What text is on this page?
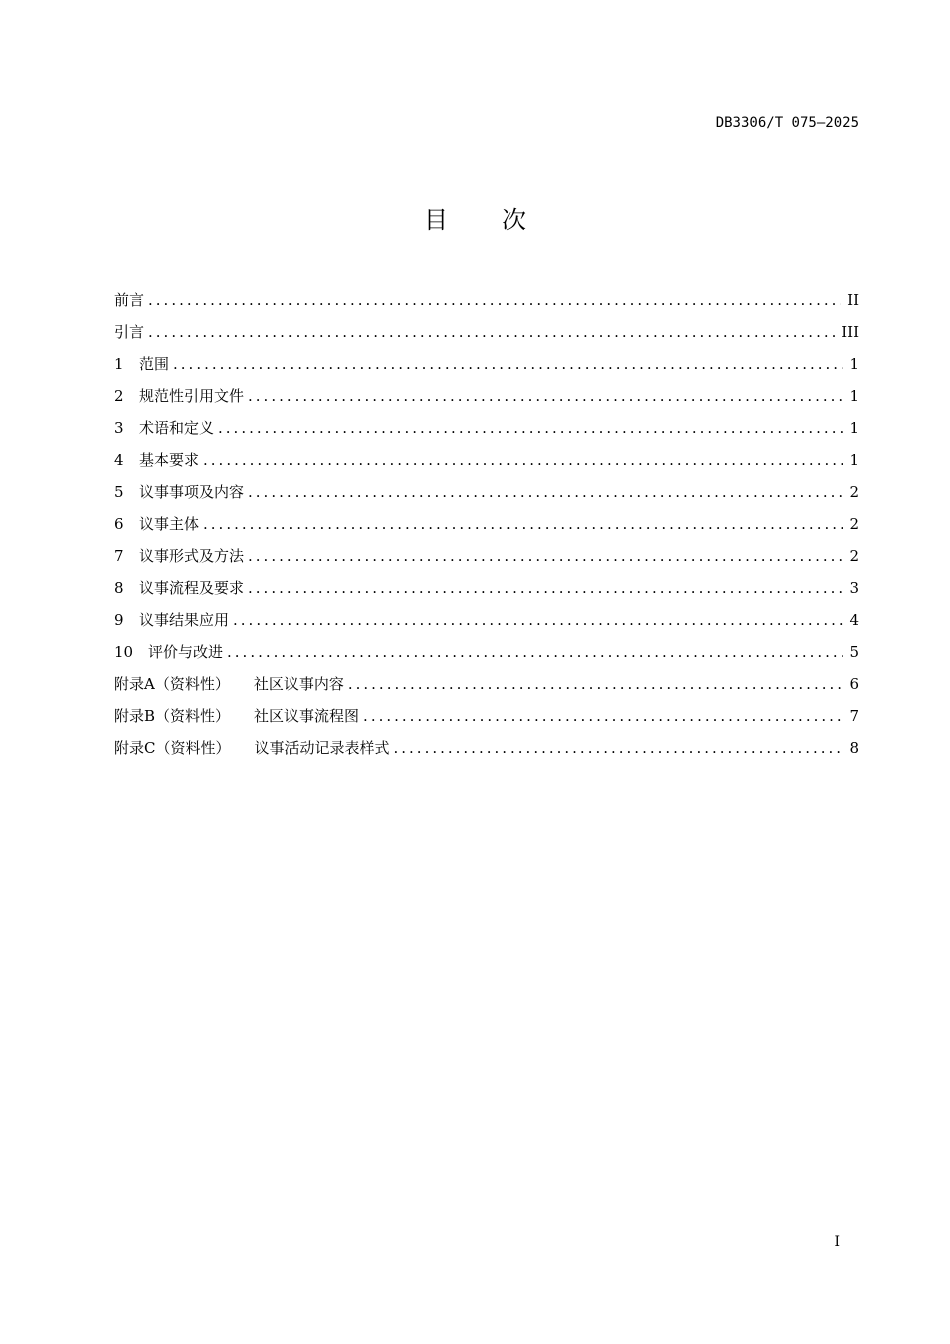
DB3306/T 075—2025
目 次
前言 .....	II
引言 .....	III
1	范围 .....	1
2	规范性引用文件 .....	1
3	术语和定义 .....	1
4	基本要求 .....	1
5	议事事项及内容 .....	2
6	议事主体 .....	2
7	议事形式及方法 .....	2
8	议事流程及要求 .....	3
9	议事结果应用 .....	4
10 评价与改进 .....	5
附录A（资料性） 社区议事内容 .....	6
附录B（资料性） 社区议事流程图 .....	7
附录C（资料性） 议事活动记录表样式 .....	8
I
